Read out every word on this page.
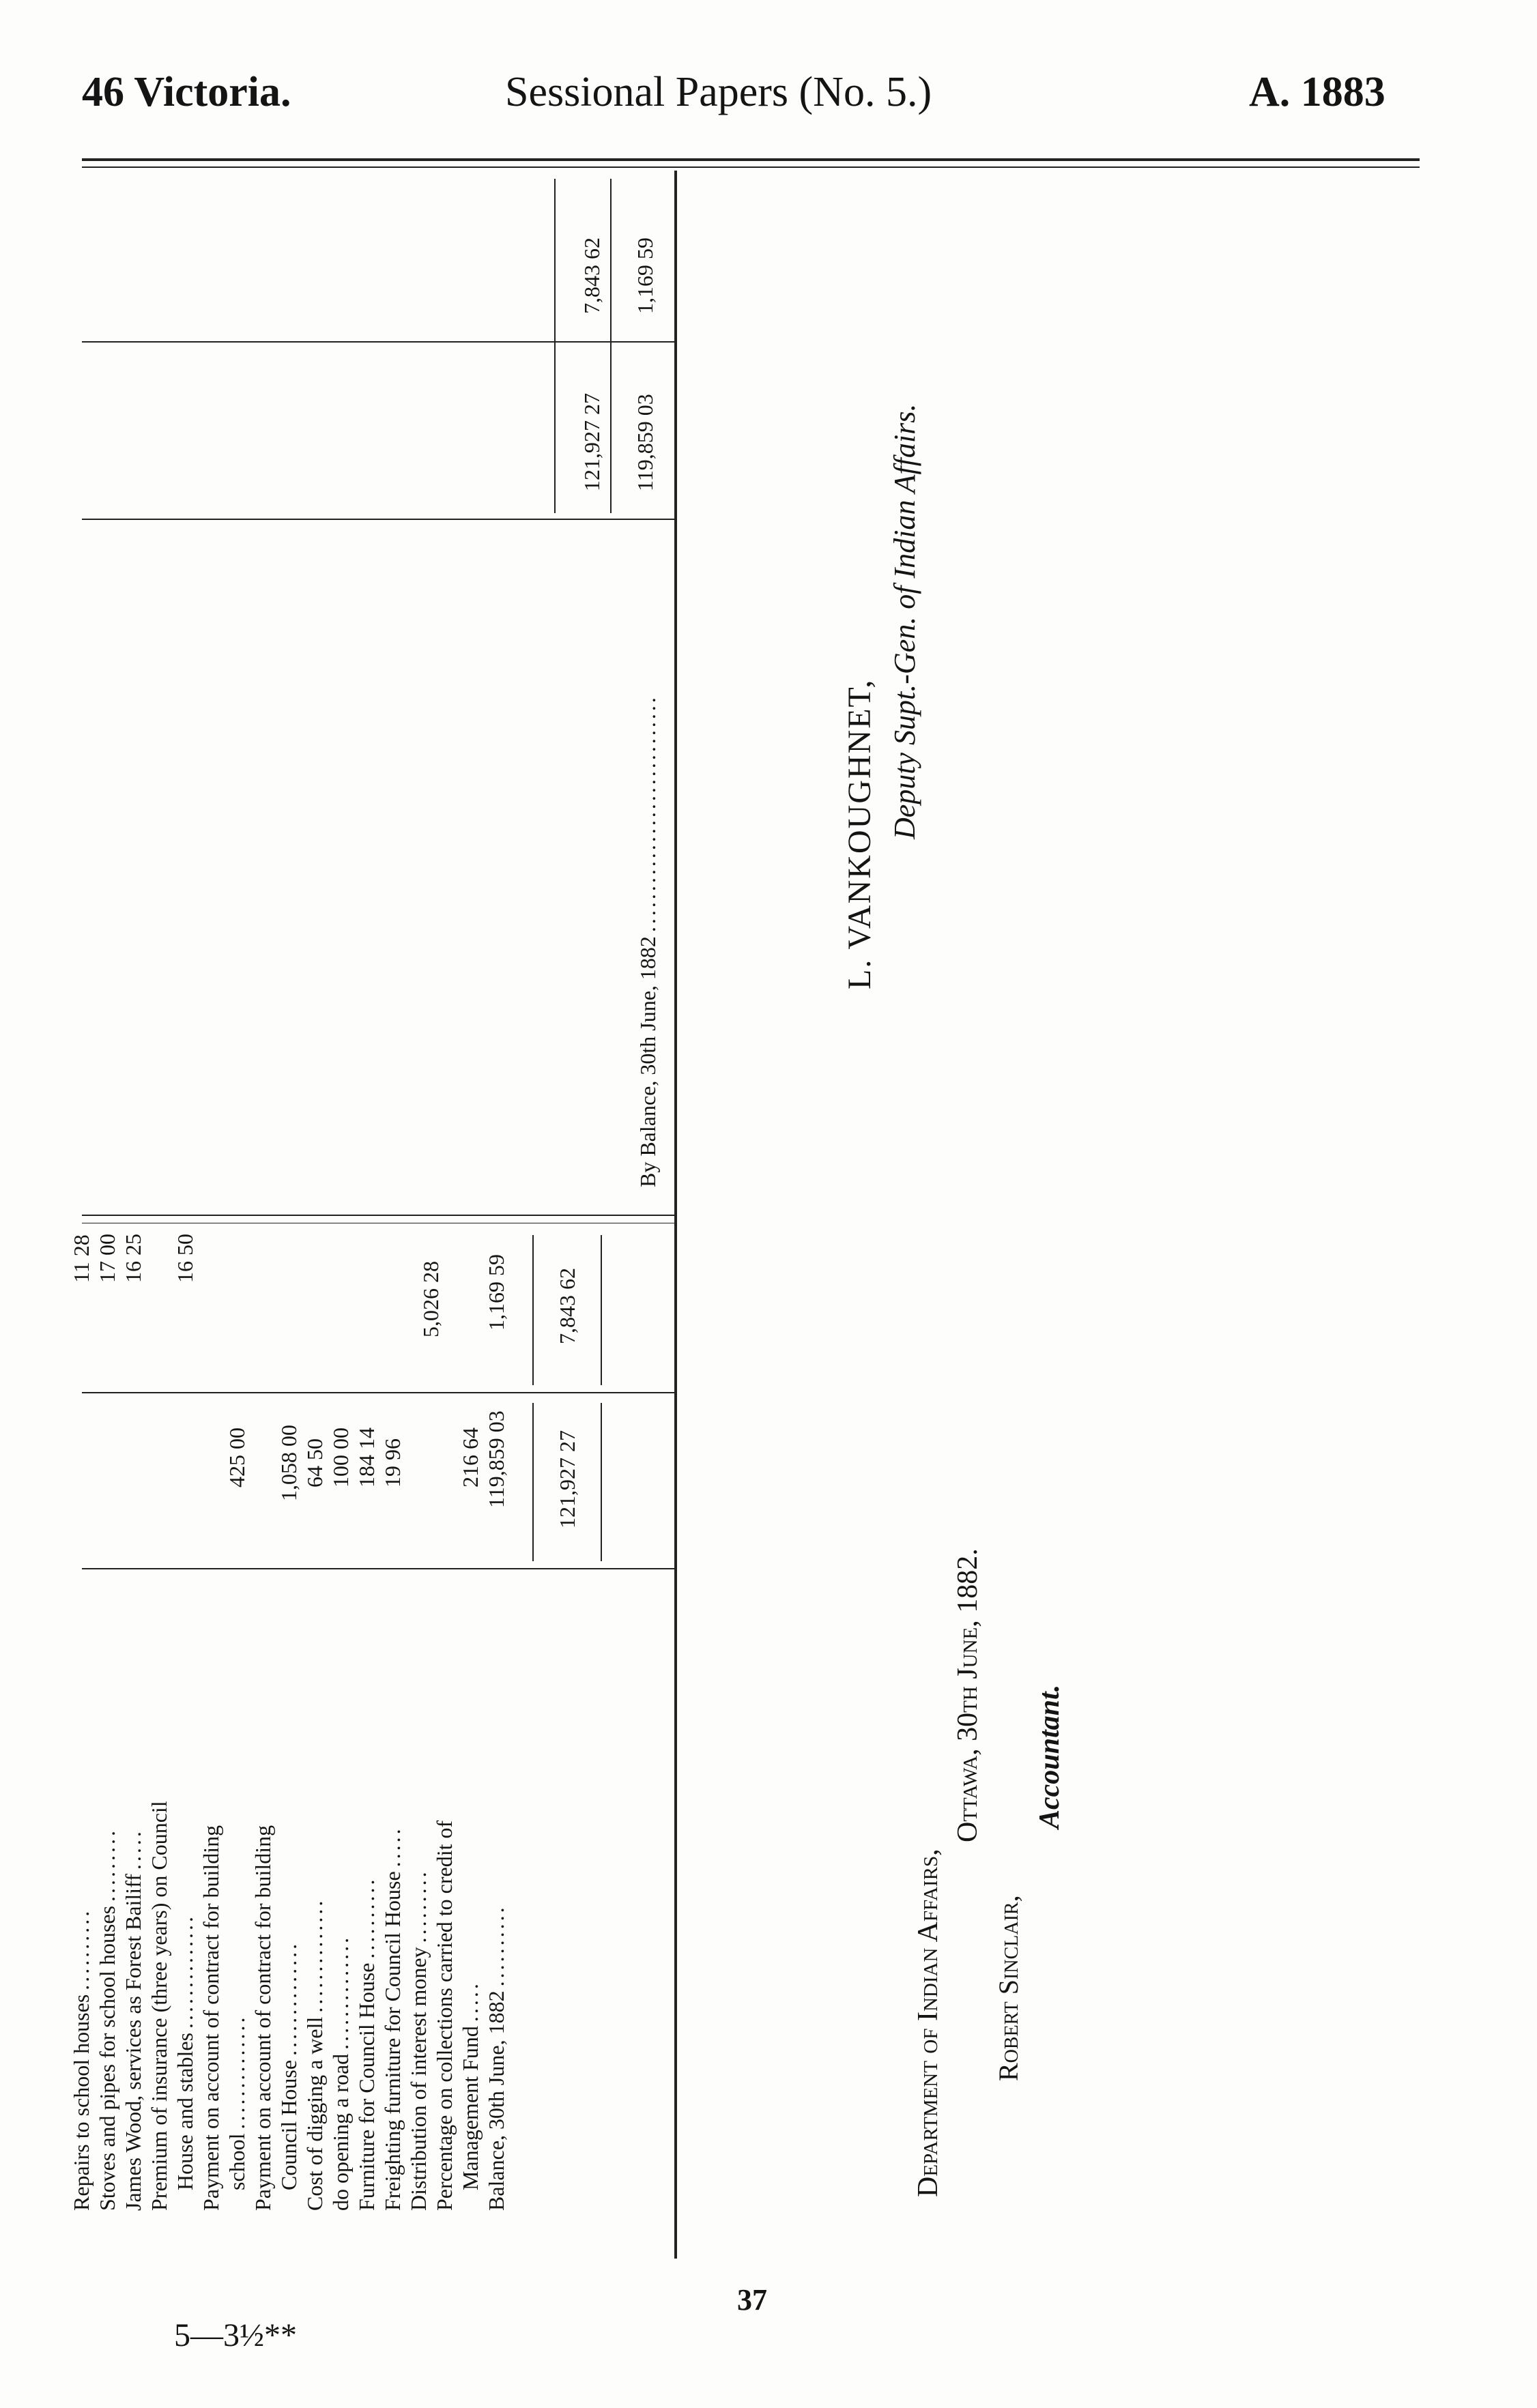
46 Victoria.	Sessional Papers (No. 5.)	A. 1883
Repairs to school houses.......... Stoves and pipes for school houses.........
James Wood, services as Forest Bailiff..... Premium of insurance (three years) on Council House and stables.............. Payment on account of contract for building school.............. Payment on account of contract for building Council House..............
Cost of digging a well..............
do opening a road.............. Furniture for Council House.......... Freighting furniture for Council House.....
Distribution of interest money......... Percentage on collections carried to credit of Management Fund..... Balance, 30th June, 1882..........
425 00 1,058 00 64 50 100 00 184 14 19 96 216 64 119,859 03
11 28 17 00 16 25 16 50
5,026 28 1,169 59
121,927 27
7,843 62
By Balance, 30th June, 1882.............................
121,927 27 119,859 03
7,843 62 1,169 59
L. VANKOUGHNET, Deputy Supt.-Gen. of Indian Affairs.
Department of Indian Affairs,
Ottawa, 30th June, 1882.
Robert Sinclair,
Accountant.
37
5—3½**
